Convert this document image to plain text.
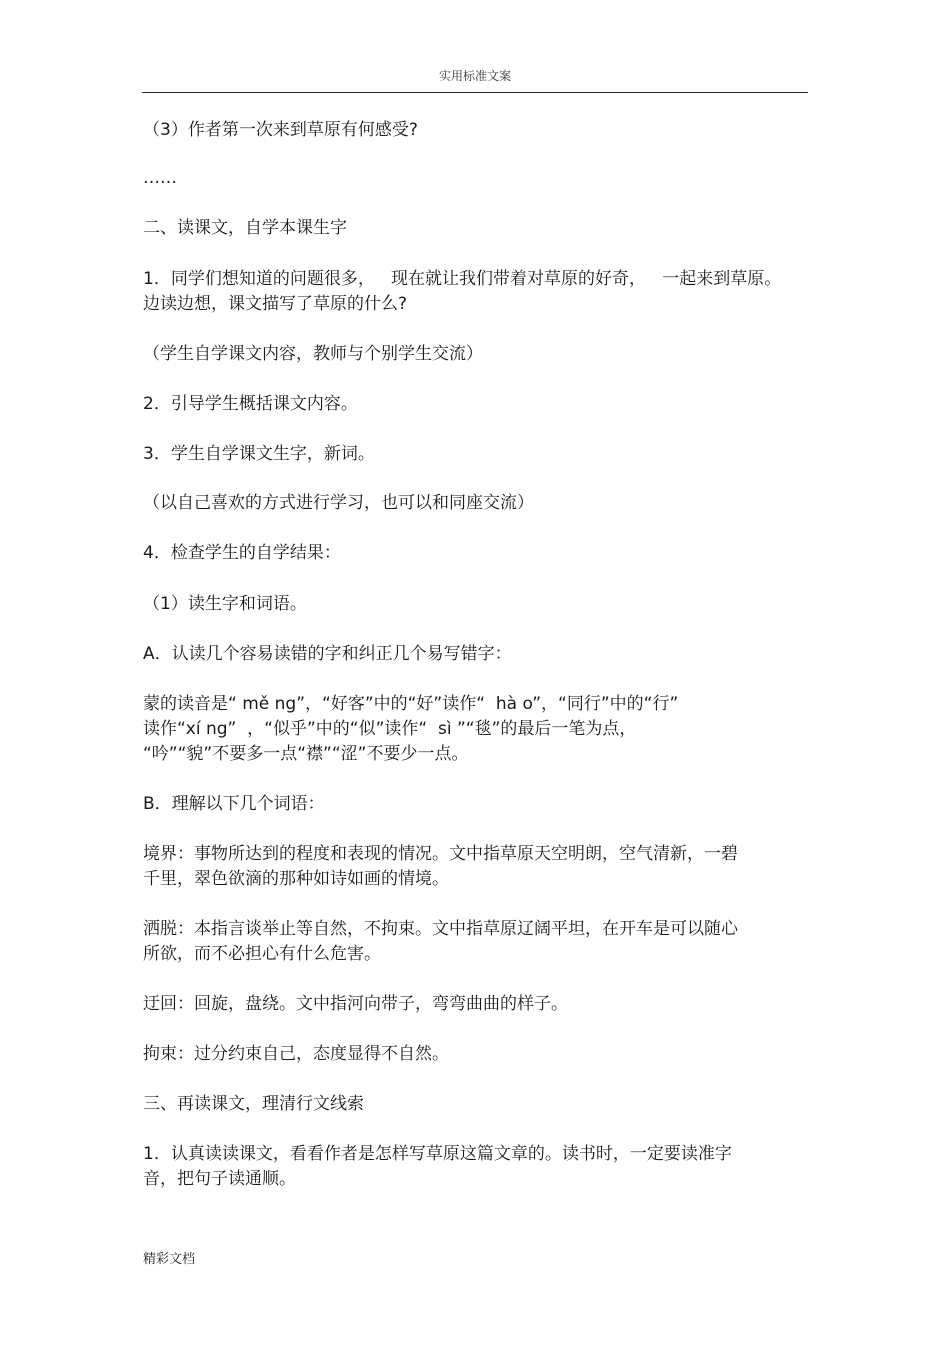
实用标准文案
（3）作者第一次来到草原有何感受?
……
二、读课文，自学本课生字
1．同学们想知道的问题很多，   现在就让我们带着对草原的好奇，   一起来到草原。
边读边想，课文描写了草原的什么?
（学生自学课文内容，教师与个别学生交流）
2．引导学生概括课文内容。
3．学生自学课文生字，新词。
（以自己喜欢的方式进行学习，也可以和同座交流）
4．检查学生的自学结果：
（1）读生字和词语。
A．认读几个容易读错的字和纠正几个易写错字：
蒙的读音是“ mě ng”，“好客”中的“好”读作“  hà o”，“同行”中的“行”
读作“xí ng”  ，“似乎”中的“似”读作“  sì ”“毯”的最后一笔为点，
“吟”“貌”不要多一点“襟”“涩”不要少一点。
B．理解以下几个词语：
境界：事物所达到的程度和表现的情况。文中指草原天空明朗，空气清新，一碧
千里，翠色欲滴的那种如诗如画的情境。
洒脱：本指言谈举止等自然，不拘束。文中指草原辽阔平坦，在开车是可以随心
所欲，而不必担心有什么危害。
迂回：回旋，盘绕。文中指河向带子，弯弯曲曲的样子。
拘束：过分约束自己，态度显得不自然。
三、再读课文，理清行文线索
1．认真读读课文，看看作者是怎样写草原这篇文章的。读书时，一定要读准字
音，把句子读通顺。
精彩文档
